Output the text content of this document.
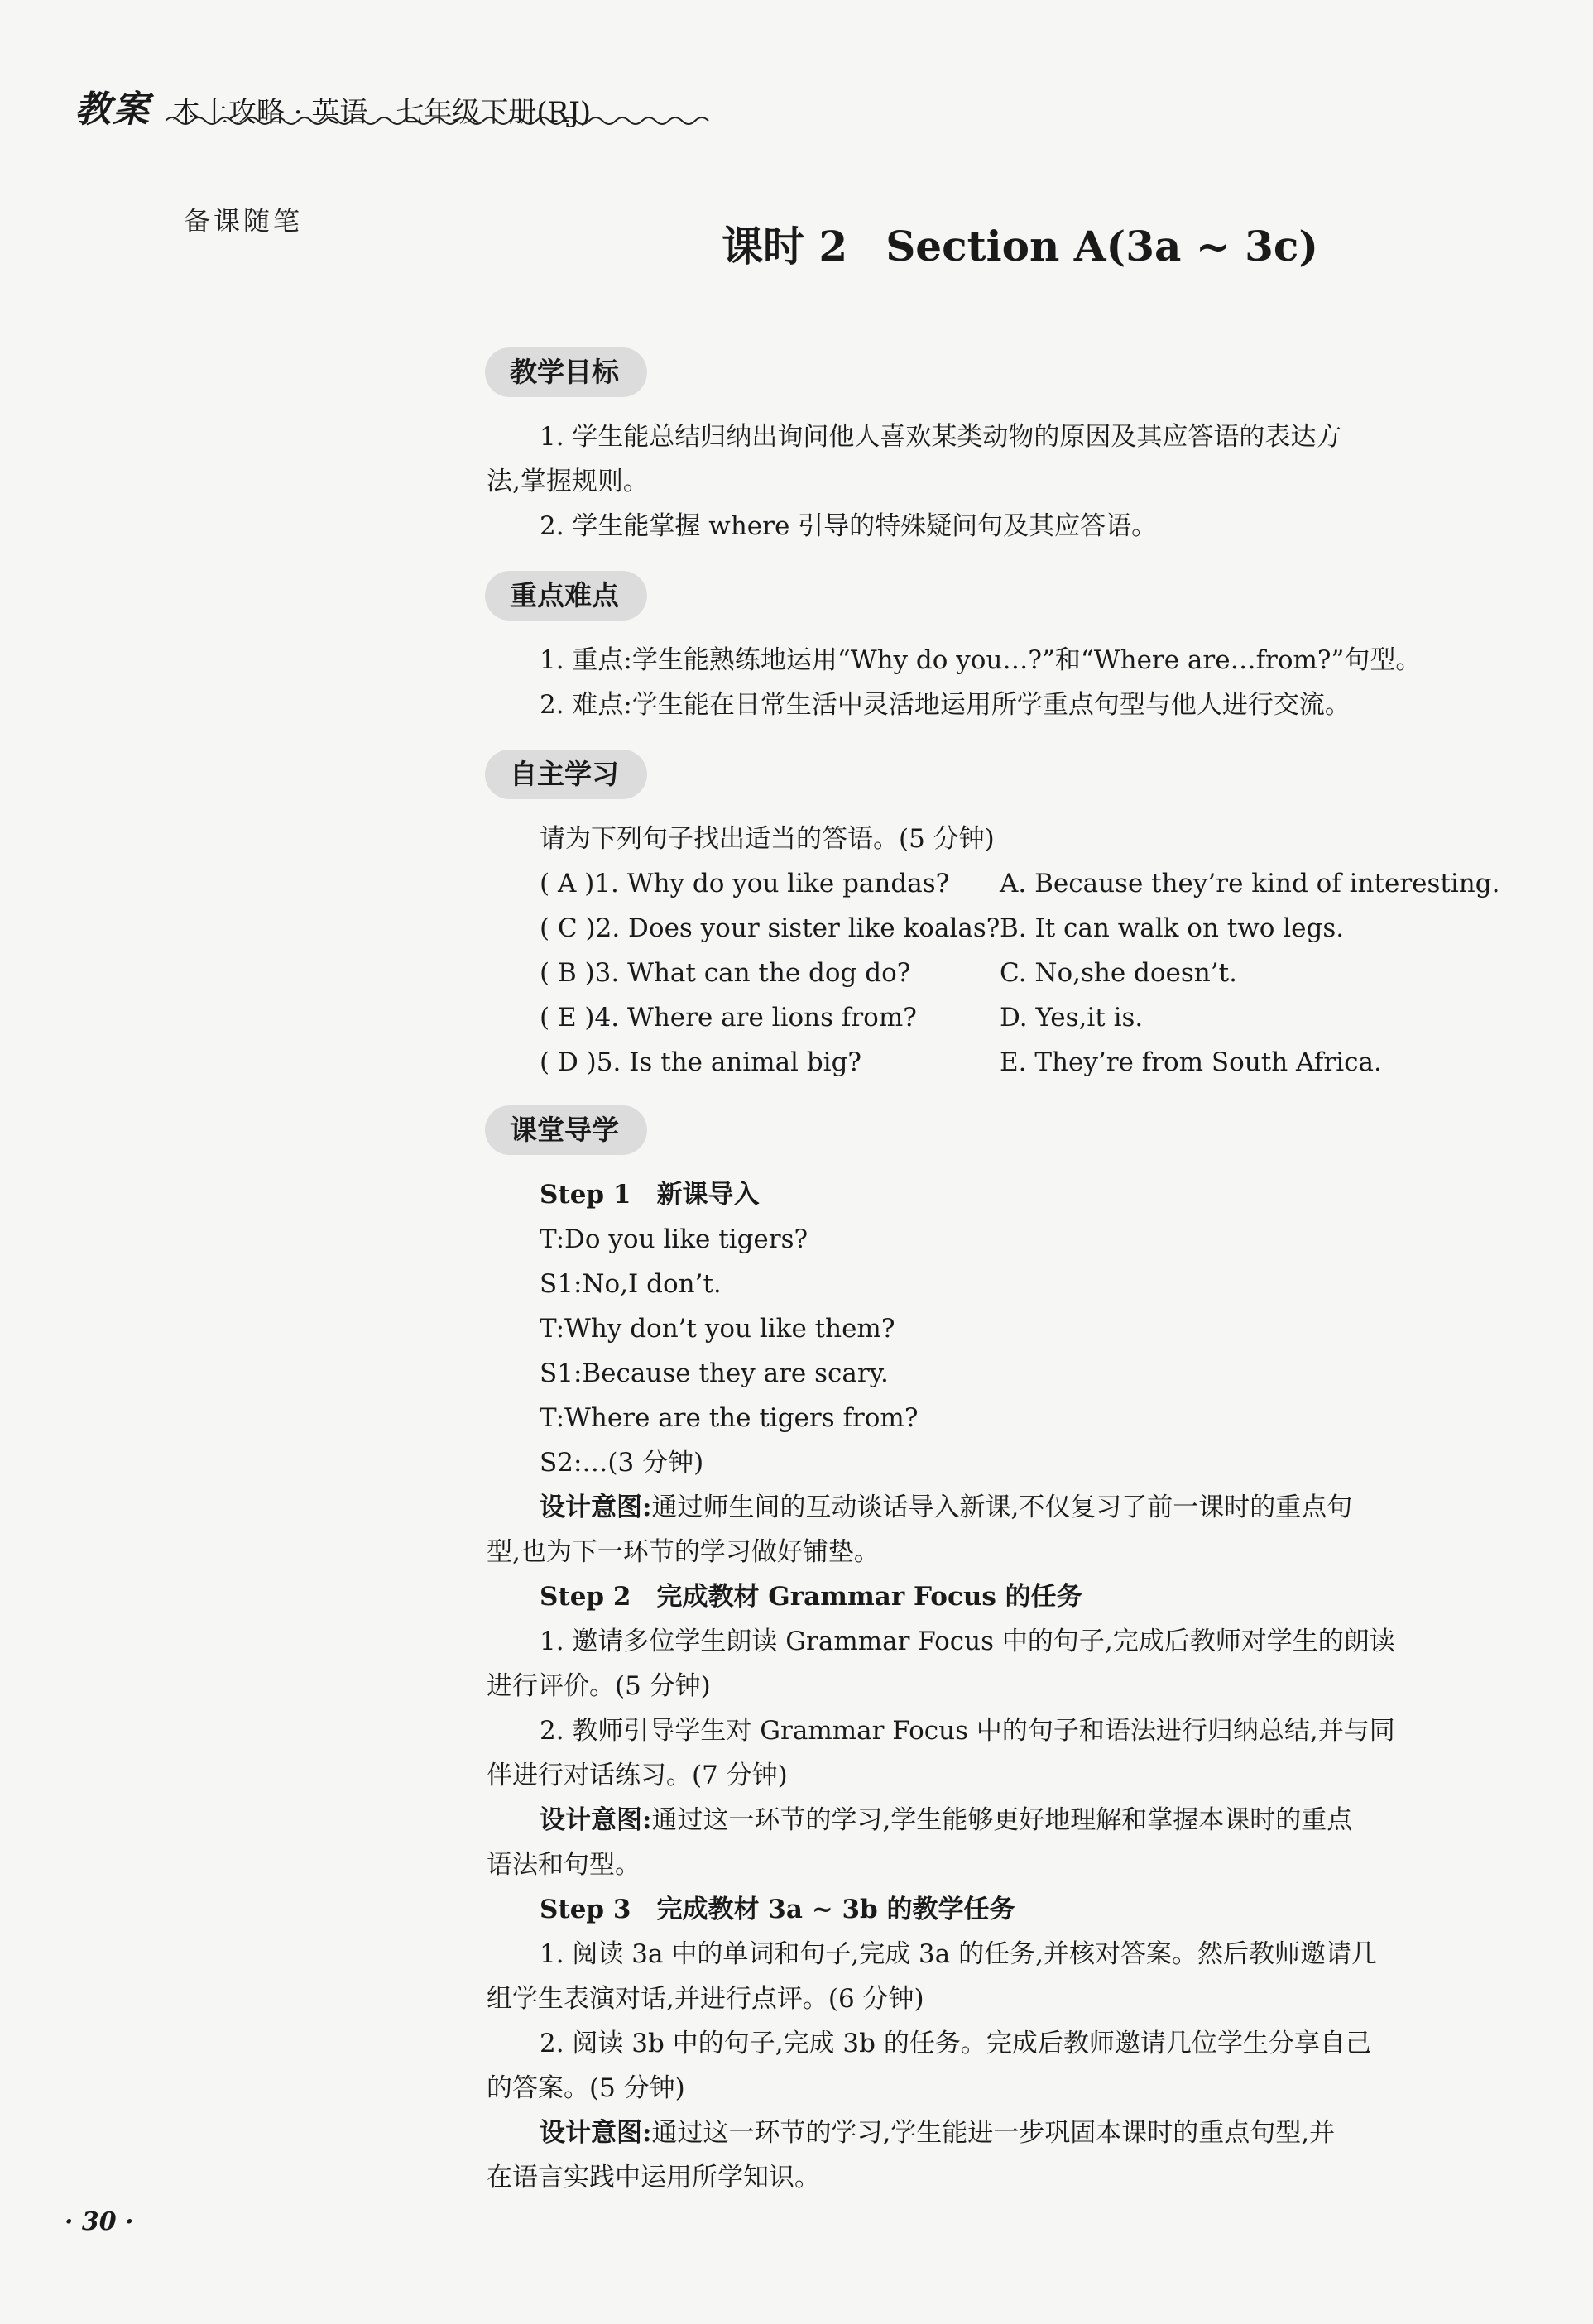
教案 本土攻略 · 英语　七年级下册(RJ)
备课随笔
课时 2 Section A(3a ~ 3c)
教学目标
1. 学生能总结归纳出询问他人喜欢某类动物的原因及其应答语的表达方
法,掌握规则。
2. 学生能掌握 where 引导的特殊疑问句及其应答语。
重点难点
1. 重点:学生能熟练地运用“Why do you…?”和“Where are…from?”句型。
2. 难点:学生能在日常生活中灵活地运用所学重点句型与他人进行交流。
自主学习
请为下列句子找出适当的答语。(5 分钟)
( A )1. Why do you like pandas?
( C )2. Does your sister like koalas?
( B )3. What can the dog do?
( E )4. Where are lions from?
( D )5. Is the animal big?
A. Because they’re kind of interesting.
B. It can walk on two legs.
C. No,she doesn’t.
D. Yes,it is.
E. They’re from South Africa.
课堂导学
Step 1　新课导入
T:Do you like tigers?
S1:No,I don’t.
T:Why don’t you like them?
S1:Because they are scary.
T:Where are the tigers from?
S2:…(3 分钟)
设计意图:通过师生间的互动谈话导入新课,不仅复习了前一课时的重点句
型,也为下一环节的学习做好铺垫。
Step 2　完成教材 Grammar Focus 的任务
1. 邀请多位学生朗读 Grammar Focus 中的句子,完成后教师对学生的朗读
进行评价。(5 分钟)
2. 教师引导学生对 Grammar Focus 中的句子和语法进行归纳总结,并与同
伴进行对话练习。(7 分钟)
设计意图:通过这一环节的学习,学生能够更好地理解和掌握本课时的重点
语法和句型。
Step 3　完成教材 3a ~ 3b 的教学任务
1. 阅读 3a 中的单词和句子,完成 3a 的任务,并核对答案。然后教师邀请几
组学生表演对话,并进行点评。(6 分钟)
2. 阅读 3b 中的句子,完成 3b 的任务。完成后教师邀请几位学生分享自己
的答案。(5 分钟)
设计意图:通过这一环节的学习,学生能进一步巩固本课时的重点句型,并
在语言实践中运用所学知识。
· 30 ·
